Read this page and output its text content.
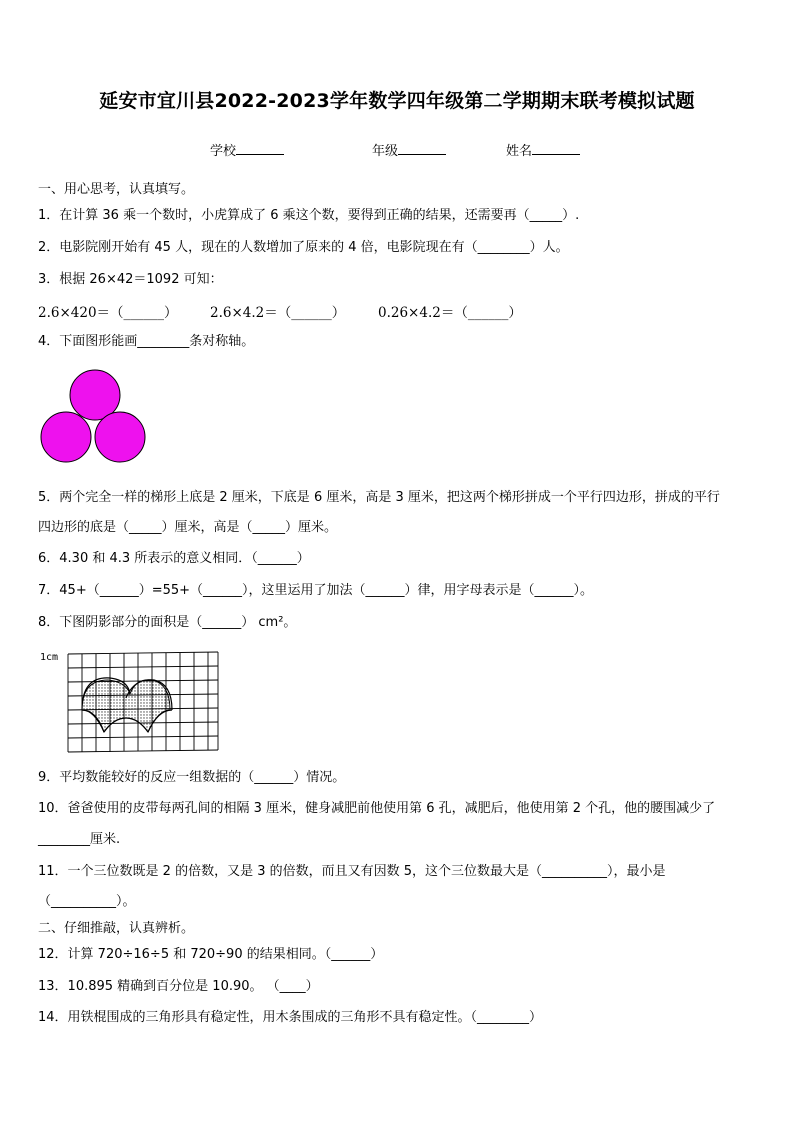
延安市宜川县2022-2023学年数学四年级第二学期期末联考模拟试题
学校	年级	姓名
一、用心思考，认真填写。
1．在计算 36 乘一个数时，小虎算成了 6 乘这个数，要得到正确的结果，还需要再（_____）.
2．电影院刚开始有 45 人，现在的人数增加了原来的 4 倍，电影院现在有（________）人。
3．根据 26×42＝1092 可知：
2.6×420＝（______） 2.6×4.2＝（______） 0.26×4.2＝（______）
4．下面图形能画________条对称轴。
5．两个完全一样的梯形上底是 2 厘米，下底是 6 厘米，高是 3 厘米，把这两个梯形拼成一个平行四边形，拼成的平行
四边形的底是（_____）厘米，高是（_____）厘米。
6．4.30 和 4.3 所表示的意义相同．（______）
7．45+（______）=55+（______），这里运用了加法（______）律，用字母表示是（______）。
8．下图阴影部分的面积是（______） cm²。
1cm
9．平均数能较好的反应一组数据的（______）情况。
10．爸爸使用的皮带每两孔间的相隔 3 厘米，健身减肥前他使用第 6 孔，减肥后，他使用第 2 个孔，他的腰围减少了
________厘米.
11．一个三位数既是 2 的倍数，又是 3 的倍数，而且又有因数 5，这个三位数最大是（__________），最小是
（__________）。
二、仔细推敲，认真辨析。
12．计算 720÷16÷5 和 720÷90 的结果相同。（______）
13．10.895 精确到百分位是 10.90。 （____）
14．用铁棍围成的三角形具有稳定性，用木条围成的三角形不具有稳定性。（________）
